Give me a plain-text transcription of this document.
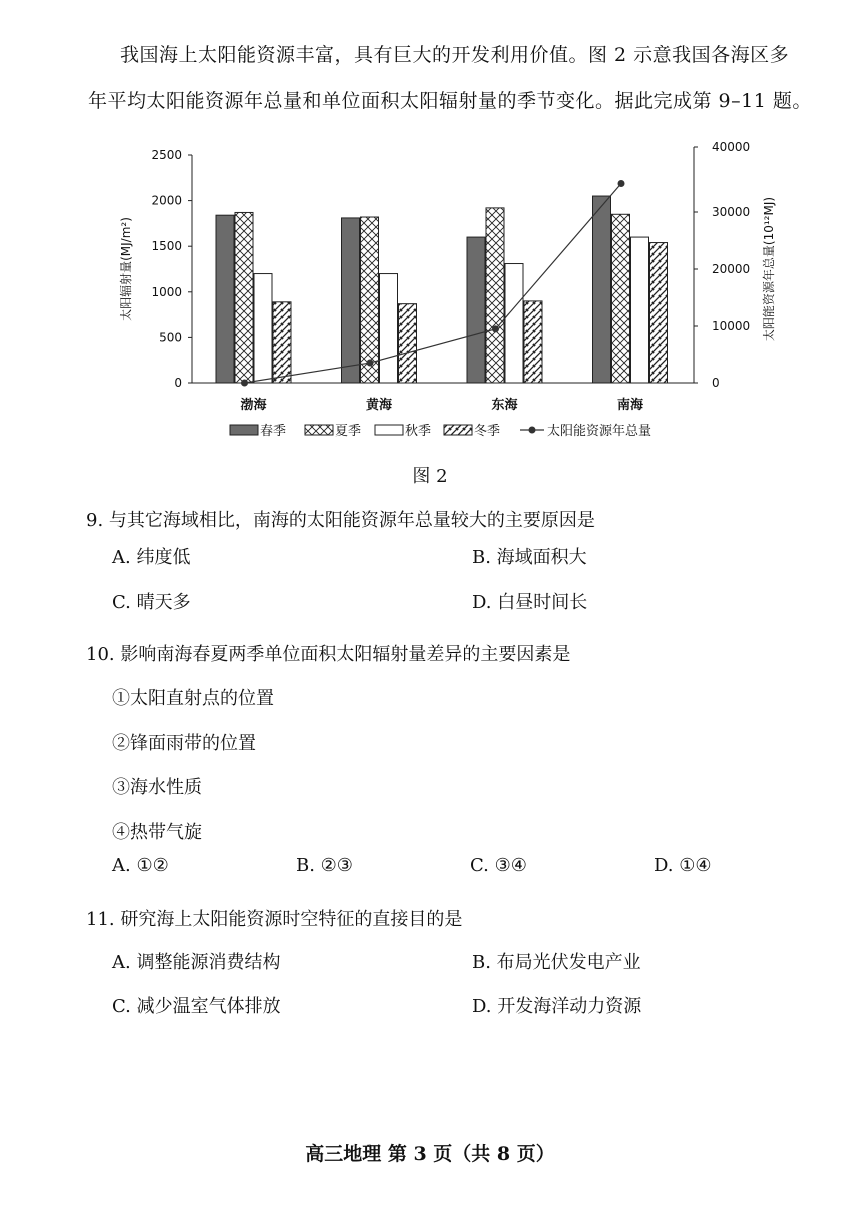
我国海上太阳能资源丰富，具有巨大的开发利用价值。图 2 示意我国各海区多
年平均太阳能资源年总量和单位面积太阳辐射量的季节变化。据此完成第 9–11 题。
0
500
1000
1500
2000
2500
0
10000
20000
30000
40000
太阳辐射量(MJ/m²)	太阳能资源年总量(10¹²MJ)
渤海	黄海	东海	南海
春季	夏季	秋季	冬季	太阳能资源年总量
图 2
9. 与其它海域相比，南海的太阳能资源年总量较大的主要原因是
A. 纬度低	B. 海域面积大
C. 晴天多	D. 白昼时间长
10. 影响南海春夏两季单位面积太阳辐射量差异的主要因素是
①太阳直射点的位置
②锋面雨带的位置
③海水性质
④热带气旋
A. ①②	B. ②③	C. ③④	D. ①④
11. 研究海上太阳能资源时空特征的直接目的是
A. 调整能源消费结构	B. 布局光伏发电产业
C. 减少温室气体排放	D. 开发海洋动力资源
高三地理 第 3 页（共 8 页）
